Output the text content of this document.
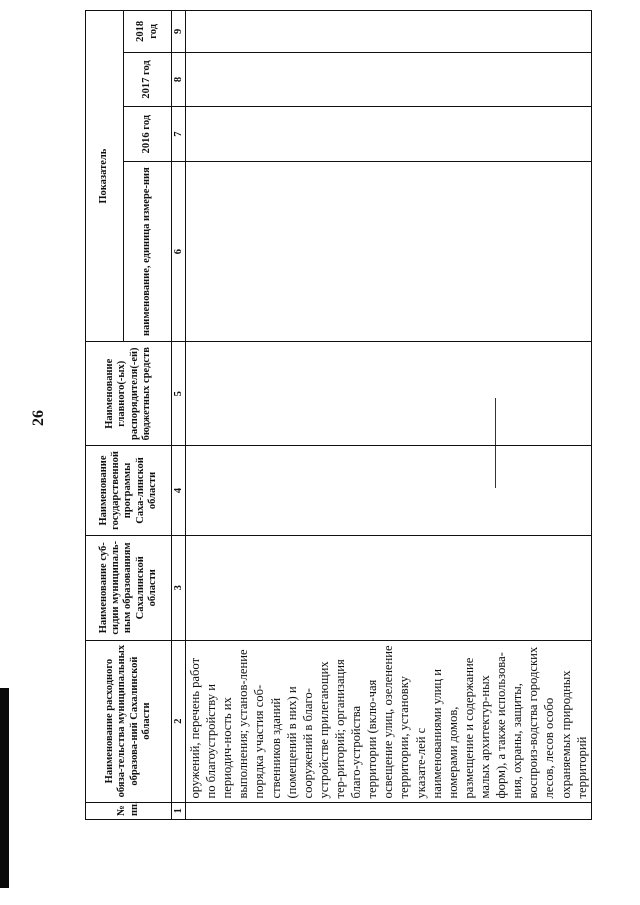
26
№ пп.	Наименование расходного обяза-тельства муниципальных образова-ний Сахалинской области	Наименование суб-сидии муниципаль-ным образованиям Сахалинской области	Наименование государственной программы Саха-линской области	Наименование главного(-ых) распорядителя(-ей) бюджетных средств	Показатель			
					наименование, единица измере-ния	2016 год	2017 год	2018 год
1	2	3	4	5	6	7	8	9
	оружений, перечень работ по благоустройству и периодич-ность их выполнения; установ-ление порядка участия соб-ственников зданий (помещений в них) и сооружений в благо-устройстве прилегающих тер-риторий; организация благо-устройства территории (вклю-чая освещение улиц, озеленение территории, установку указате-лей с наименованиями улиц и номерами домов, размещение и содержание малых архитектур-ных форм), а также использова-ния, охраны, защиты, воспроиз-водства городских лесов, лесов особо охраняемых природных территорий							
